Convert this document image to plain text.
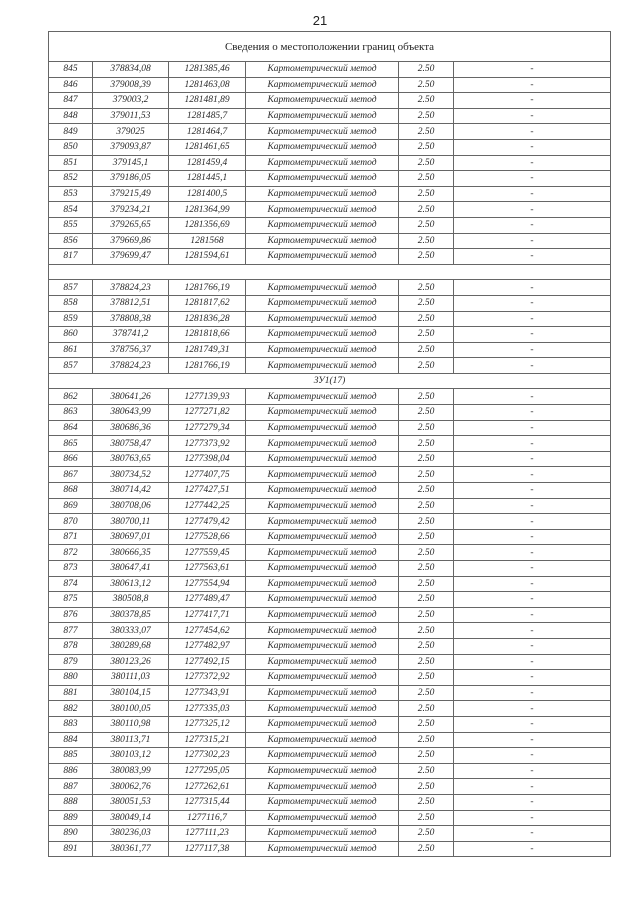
21
Сведения о местоположении границ объекта					
845	378834,08	1281385,46	Картометрический метод	2.50	-
846	379008,39	1281463,08	Картометрический метод	2.50	-
847	379003,2	1281481,89	Картометрический метод	2.50	-
848	379011,53	1281485,7	Картометрический метод	2.50	-
849	379025	1281464,7	Картометрический метод	2.50	-
850	379093,87	1281461,65	Картометрический метод	2.50	-
851	379145,1	1281459,4	Картометрический метод	2.50	-
852	379186,05	1281445,1	Картометрический метод	2.50	-
853	379215,49	1281400,5	Картометрический метод	2.50	-
854	379234,21	1281364,99	Картометрический метод	2.50	-
855	379265,65	1281356,69	Картометрический метод	2.50	-
856	379669,86	1281568	Картометрический метод	2.50	-
817	379699,47	1281594,61	Картометрический метод	2.50	-

857	378824,23	1281766,19	Картометрический метод	2.50	-
858	378812,51	1281817,62	Картометрический метод	2.50	-
859	378808,38	1281836,28	Картометрический метод	2.50	-
860	378741,2	1281818,66	Картометрический метод	2.50	-
861	378756,37	1281749,31	Картометрический метод	2.50	-
857	378824,23	1281766,19	Картометрический метод	2.50	-
ЗУ1(17)					
862	380641,26	1277139,93	Картометрический метод	2.50	-
863	380643,99	1277271,82	Картометрический метод	2.50	-
864	380686,36	1277279,34	Картометрический метод	2.50	-
865	380758,47	1277373,92	Картометрический метод	2.50	-
866	380763,65	1277398,04	Картометрический метод	2.50	-
867	380734,52	1277407,75	Картометрический метод	2.50	-
868	380714,42	1277427,51	Картометрический метод	2.50	-
869	380708,06	1277442,25	Картометрический метод	2.50	-
870	380700,11	1277479,42	Картометрический метод	2.50	-
871	380697,01	1277528,66	Картометрический метод	2.50	-
872	380666,35	1277559,45	Картометрический метод	2.50	-
873	380647,41	1277563,61	Картометрический метод	2.50	-
874	380613,12	1277554,94	Картометрический метод	2.50	-
875	380508,8	1277489,47	Картометрический метод	2.50	-
876	380378,85	1277417,71	Картометрический метод	2.50	-
877	380333,07	1277454,62	Картометрический метод	2.50	-
878	380289,68	1277482,97	Картометрический метод	2.50	-
879	380123,26	1277492,15	Картометрический метод	2.50	-
880	380111,03	1277372,92	Картометрический метод	2.50	-
881	380104,15	1277343,91	Картометрический метод	2.50	-
882	380100,05	1277335,03	Картометрический метод	2.50	-
883	380110,98	1277325,12	Картометрический метод	2.50	-
884	380113,71	1277315,21	Картометрический метод	2.50	-
885	380103,12	1277302,23	Картометрический метод	2.50	-
886	380083,99	1277295,05	Картометрический метод	2.50	-
887	380062,76	1277262,61	Картометрический метод	2.50	-
888	380051,53	1277315,44	Картометрический метод	2.50	-
889	380049,14	1277116,7	Картометрический метод	2.50	-
890	380236,03	1277111,23	Картометрический метод	2.50	-
891	380361,77	1277117,38	Картометрический метод	2.50	-
